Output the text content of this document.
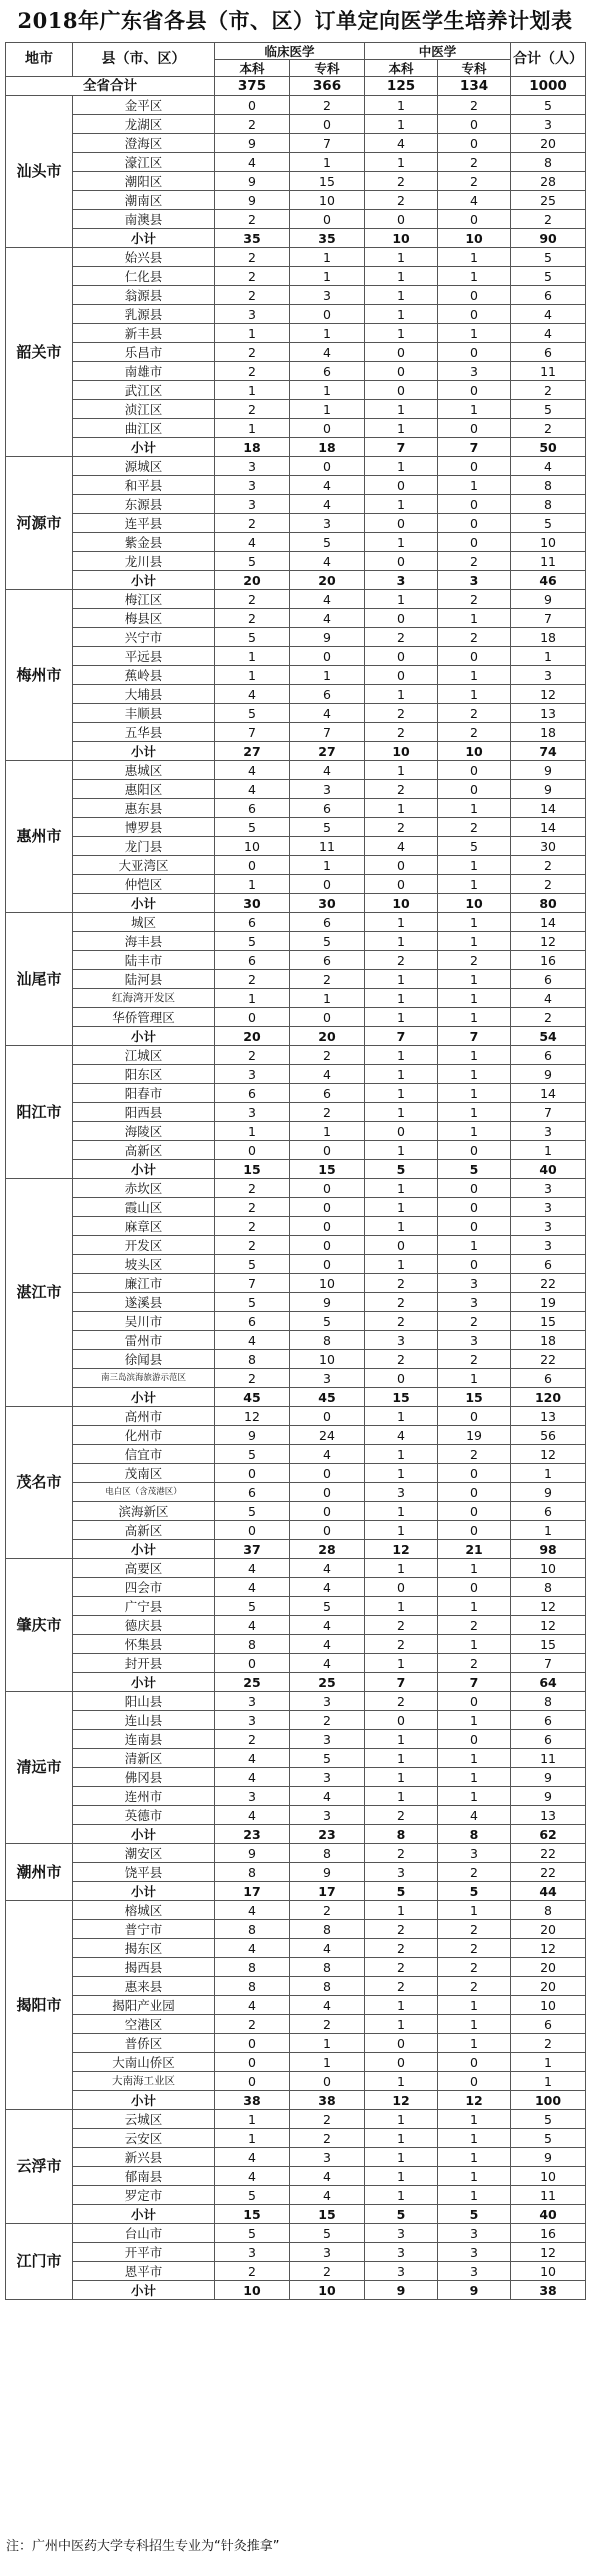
2018年广东省各县（市、区）订单定向医学生培养计划表
地市	县（市、区）	临床医学		中医学		合计（人）
		本科	专科	本科	专科	
全省合计		375	366	125	134	1000
汕头市	金平区	0	2	1	2	5
	龙湖区	2	0	1	0	3
	澄海区	9	7	4	0	20
	濠江区	4	1	1	2	8
	潮阳区	9	15	2	2	28
	潮南区	9	10	2	4	25
	南澳县	2	0	0	0	2
	小计	35	35	10	10	90
韶关市	始兴县	2	1	1	1	5
	仁化县	2	1	1	1	5
	翁源县	2	3	1	0	6
	乳源县	3	0	1	0	4
	新丰县	1	1	1	1	4
	乐昌市	2	4	0	0	6
	南雄市	2	6	0	3	11
	武江区	1	1	0	0	2
	浈江区	2	1	1	1	5
	曲江区	1	0	1	0	2
	小计	18	18	7	7	50
河源市	源城区	3	0	1	0	4
	和平县	3	4	0	1	8
	东源县	3	4	1	0	8
	连平县	2	3	0	0	5
	紫金县	4	5	1	0	10
	龙川县	5	4	0	2	11
	小计	20	20	3	3	46
梅州市	梅江区	2	4	1	2	9
	梅县区	2	4	0	1	7
	兴宁市	5	9	2	2	18
	平远县	1	0	0	0	1
	蕉岭县	1	1	0	1	3
	大埔县	4	6	1	1	12
	丰顺县	5	4	2	2	13
	五华县	7	7	2	2	18
	小计	27	27	10	10	74
惠州市	惠城区	4	4	1	0	9
	惠阳区	4	3	2	0	9
	惠东县	6	6	1	1	14
	博罗县	5	5	2	2	14
	龙门县	10	11	4	5	30
	大亚湾区	0	1	0	1	2
	仲恺区	1	0	0	1	2
	小计	30	30	10	10	80
汕尾市	城区	6	6	1	1	14
	海丰县	5	5	1	1	12
	陆丰市	6	6	2	2	16
	陆河县	2	2	1	1	6
	红海湾开发区	1	1	1	1	4
	华侨管理区	0	0	1	1	2
	小计	20	20	7	7	54
阳江市	江城区	2	2	1	1	6
	阳东区	3	4	1	1	9
	阳春市	6	6	1	1	14
	阳西县	3	2	1	1	7
	海陵区	1	1	0	1	3
	高新区	0	0	1	0	1
	小计	15	15	5	5	40
湛江市	赤坎区	2	0	1	0	3
	霞山区	2	0	1	0	3
	麻章区	2	0	1	0	3
	开发区	2	0	0	1	3
	坡头区	5	0	1	0	6
	廉江市	7	10	2	3	22
	遂溪县	5	9	2	3	19
	吴川市	6	5	2	2	15
	雷州市	4	8	3	3	18
	徐闻县	8	10	2	2	22
	南三岛滨海旅游示范区	2	3	0	1	6
	小计	45	45	15	15	120
茂名市	高州市	12	0	1	0	13
	化州市	9	24	4	19	56
	信宜市	5	4	1	2	12
	茂南区	0	0	1	0	1
	电白区（含茂港区）	6	0	3	0	9
	滨海新区	5	0	1	0	6
	高新区	0	0	1	0	1
	小计	37	28	12	21	98
肇庆市	高要区	4	4	1	1	10
	四会市	4	4	0	0	8
	广宁县	5	5	1	1	12
	德庆县	4	4	2	2	12
	怀集县	8	4	2	1	15
	封开县	0	4	1	2	7
	小计	25	25	7	7	64
清远市	阳山县	3	3	2	0	8
	连山县	3	2	0	1	6
	连南县	2	3	1	0	6
	清新区	4	5	1	1	11
	佛冈县	4	3	1	1	9
	连州市	3	4	1	1	9
	英德市	4	3	2	4	13
	小计	23	23	8	8	62
潮州市	潮安区	9	8	2	3	22
	饶平县	8	9	3	2	22
	小计	17	17	5	5	44
揭阳市	榕城区	4	2	1	1	8
	普宁市	8	8	2	2	20
	揭东区	4	4	2	2	12
	揭西县	8	8	2	2	20
	惠来县	8	8	2	2	20
	揭阳产业园	4	4	1	1	10
	空港区	2	2	1	1	6
	普侨区	0	1	0	1	2
	大南山侨区	0	1	0	0	1
	大南海工业区	0	0	1	0	1
	小计	38	38	12	12	100
云浮市	云城区	1	2	1	1	5
	云安区	1	2	1	1	5
	新兴县	4	3	1	1	9
	郁南县	4	4	1	1	10
	罗定市	5	4	1	1	11
	小计	15	15	5	5	40
江门市	台山市	5	5	3	3	16
	开平市	3	3	3	3	12
	恩平市	2	2	3	3	10
	小计	10	10	9	9	38
注：广州中医药大学专科招生专业为“针灸推拿”
